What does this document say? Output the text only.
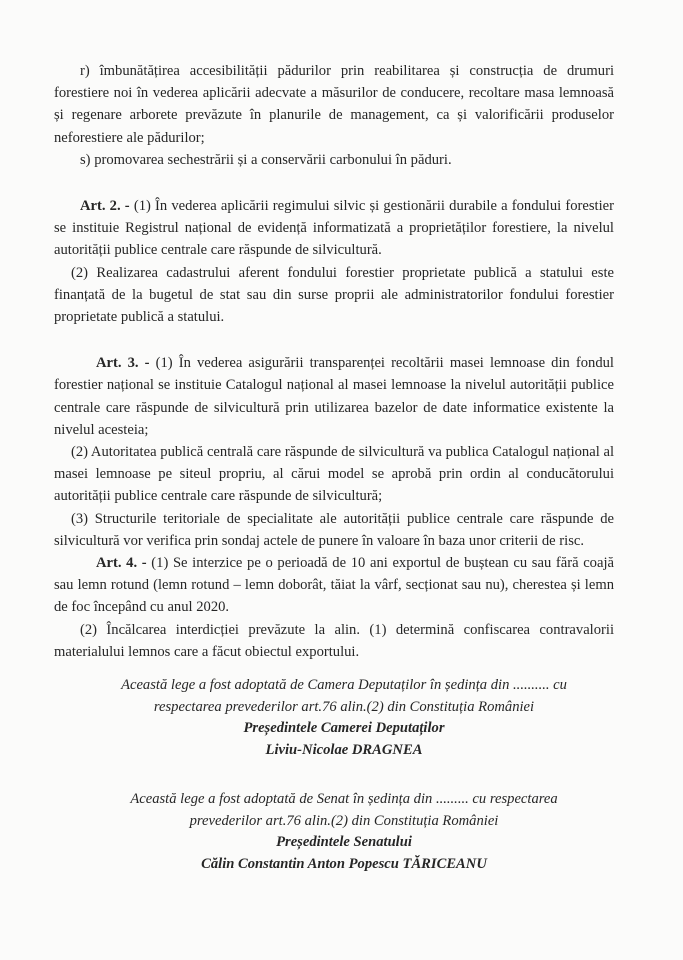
r) îmbunătățirea accesibilității pădurilor prin reabilitarea și construcția de drumuri forestiere noi în vederea aplicării adecvate a măsurilor de conducere, recoltare masa lemnoasă și regenare arborete prevăzute în planurile de management, ca și valorificării produselor neforestiere ale pădurilor;

s) promovarea sechestrării și a conservării carbonului în păduri.

Art. 2. - (1) În vederea aplicării regimului silvic și gestionării durabile a fondului forestier se instituie Registrul național de evidență informatizată a proprietăților forestiere, la nivelul autorității publice centrale care răspunde de silvicultură.

(2) Realizarea cadastrului aferent fondului forestier proprietate publică a statului este finanțată de la bugetul de stat sau din surse proprii ale administratorilor fondului forestier proprietate publică a statului.

Art. 3. - (1) În vederea asigurării transparenței recoltării masei lemnoase din fondul forestier național se instituie Catalogul național al masei lemnoase la nivelul autorității publice centrale care răspunde de silvicultură prin utilizarea bazelor de date informatice existente la nivelul acesteia;

(2) Autoritatea publică centrală care răspunde de silvicultură va publica Catalogul național al masei lemnoase pe siteul propriu, al cărui model se aprobă prin ordin al conducătorului autorității publice centrale care răspunde de silvicultură;

(3) Structurile teritoriale de specialitate ale autorității publice centrale care răspunde de silvicultură vor verifica prin sondaj actele de punere în valoare în baza unor criterii de risc.

Art. 4. - (1) Se interzice pe o perioadă de 10 ani exportul de buștean cu sau fără coajă sau lemn rotund (lemn rotund – lemn doborât, tăiat la vârf, secționat sau nu), cherestea și lemn de foc începând cu anul 2020.

(2) Încălcarea interdicției prevăzute la alin. (1) determină confiscarea contravalorii materialului lemnos care a făcut obiectul exportului.

Această lege a fost adoptată de Camera Deputaților în ședința din .......... cu
respectarea prevederilor art.76 alin.(2) din Constituția României
Președintele Camerei Deputaților
Liviu-Nicolae DRAGNEA
Această lege a fost adoptată de Senat în ședința din ......... cu respectarea
prevederilor art.76 alin.(2) din Constituția României
Președintele Senatului
Călin Constantin Anton Popescu TĂRICEANU
